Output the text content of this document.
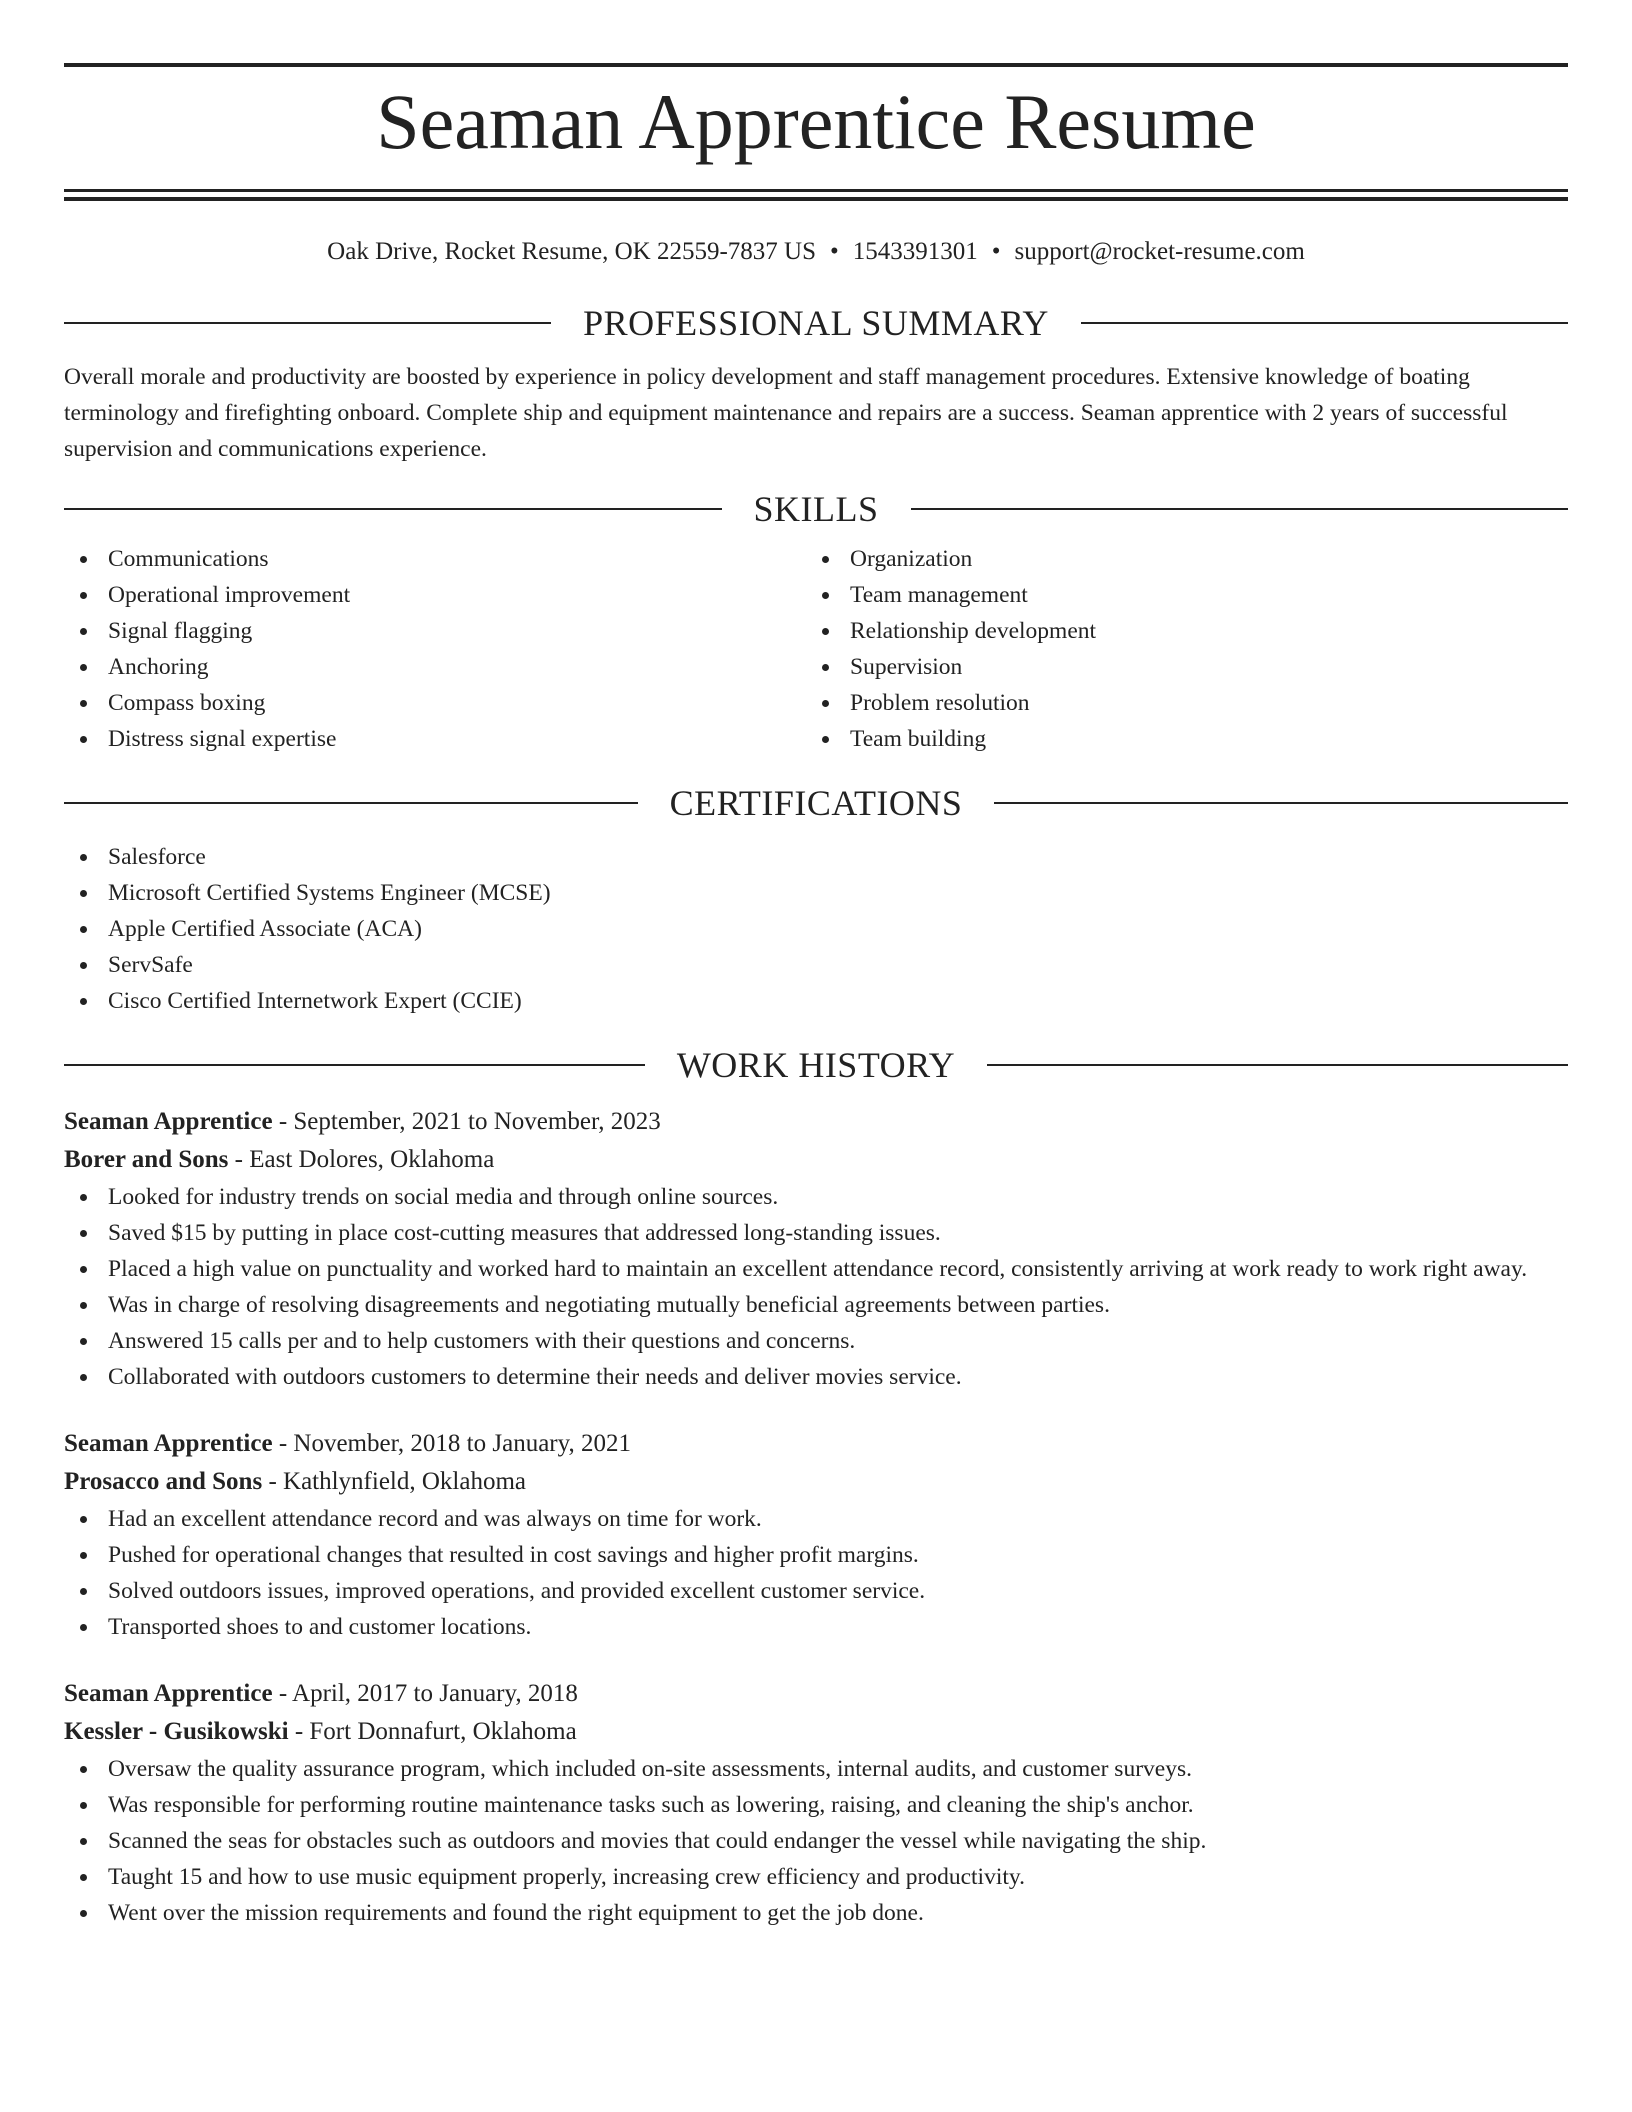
Seaman Apprentice Resume
Oak Drive, Rocket Resume, OK 22559-7837 US • 1543391301 • support@rocket-resume.com
PROFESSIONAL SUMMARY

Overall morale and productivity are boosted by experience in policy development and staff management procedures. Extensive knowledge of boating terminology and firefighting onboard. Complete ship and equipment maintenance and repairs are a success. Seaman apprentice with 2 years of successful supervision and communications experience.

SKILLS
Communications
Operational improvement
Signal flagging
Anchoring
Compass boxing
Distress signal expertise
Organization
Team management
Relationship development
Supervision
Problem resolution
Team building
CERTIFICATIONS
Salesforce
Microsoft Certified Systems Engineer (MCSE)
Apple Certified Associate (ACA)
ServSafe
Cisco Certified Internetwork Expert (CCIE)
WORK HISTORY
Seaman Apprentice - September, 2021 to November, 2023
Borer and Sons - East Dolores, Oklahoma
Looked for industry trends on social media and through online sources.
Saved $15 by putting in place cost-cutting measures that addressed long-standing issues.
Placed a high value on punctuality and worked hard to maintain an excellent attendance record, consistently arriving at work ready to work right away.
Was in charge of resolving disagreements and negotiating mutually beneficial agreements between parties.
Answered 15 calls per and to help customers with their questions and concerns.
Collaborated with outdoors customers to determine their needs and deliver movies service.
Seaman Apprentice - November, 2018 to January, 2021
Prosacco and Sons - Kathlynfield, Oklahoma
Had an excellent attendance record and was always on time for work.
Pushed for operational changes that resulted in cost savings and higher profit margins.
Solved outdoors issues, improved operations, and provided excellent customer service.
Transported shoes to and customer locations.
Seaman Apprentice - April, 2017 to January, 2018
Kessler - Gusikowski - Fort Donnafurt, Oklahoma
Oversaw the quality assurance program, which included on-site assessments, internal audits, and customer surveys.
Was responsible for performing routine maintenance tasks such as lowering, raising, and cleaning the ship's anchor.
Scanned the seas for obstacles such as outdoors and movies that could endanger the vessel while navigating the ship.
Taught 15 and how to use music equipment properly, increasing crew efficiency and productivity.
Went over the mission requirements and found the right equipment to get the job done.
